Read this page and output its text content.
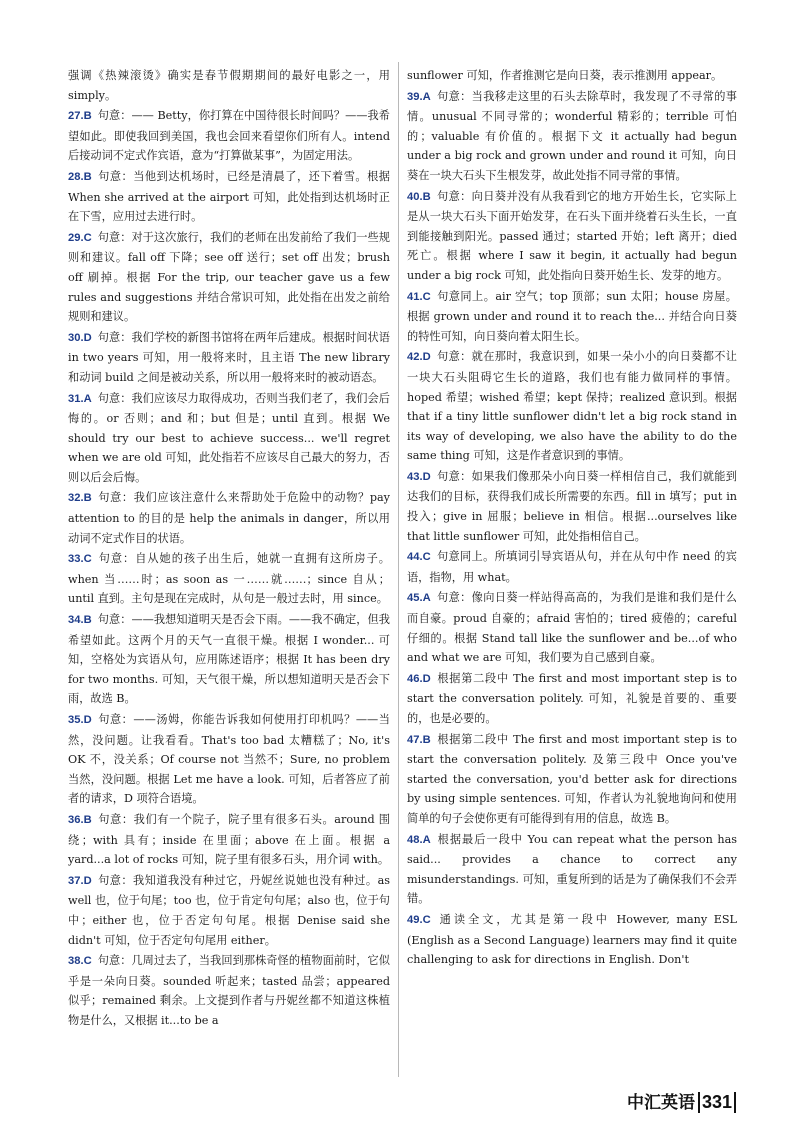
强调《热辣滚烫》确实是春节假期期间的最好电影之一，用 simply。
27.B 句意：—— Betty，你打算在中国待很长时间吗？——我希望如此。即使我回到美国，我也会回来看望你们所有人。intend 后接动词不定式作宾语，意为“打算做某事”，为固定用法。
28.B 句意：当他到达机场时，已经是清晨了，还下着雪。根据 When she arrived at the airport 可知，此处指到达机场时正在下雪，应用过去进行时。
29.C 句意：对于这次旅行，我们的老师在出发前给了我们一些规则和建议。fall off 下降；see off 送行；set off 出发；brush off 刷掉。根据 For the trip, our teacher gave us a few rules and suggestions 并结合常识可知，此处指在出发之前给规则和建议。
30.D 句意：我们学校的新图书馆将在两年后建成。根据时间状语 in two years 可知，用一般将来时，且主语 The new library 和动词 build 之间是被动关系，所以用一般将来时的被动语态。
31.A 句意：我们应该尽力取得成功，否则当我们老了，我们会后悔的。or 否则；and 和；but 但是；until 直到。根据 We should try our best to achieve success... we'll regret when we are old 可知，此处指若不应该尽自己最大的努力，否则以后会后悔。
32.B 句意：我们应该注意什么来帮助处于危险中的动物？pay attention to 的目的是 help the animals in danger，所以用动词不定式作目的状语。
33.C 句意：自从她的孩子出生后，她就一直拥有这所房子。when 当……时；as soon as 一……就……；since 自从；until 直到。主句是现在完成时，从句是一般过去时，用 since。
34.B 句意：——我想知道明天是否会下雨。——我不确定，但我希望如此。这两个月的天气一直很干燥。根据 I wonder... 可知，空格处为宾语从句，应用陈述语序；根据 It has been dry for two months. 可知，天气很干燥，所以想知道明天是否会下雨，故选 B。
35.D 句意：——汤姆，你能告诉我如何使用打印机吗？——当然，没问题。让我看看。That's too bad 太糟糕了；No, it's OK 不，没关系；Of course not 当然不；Sure, no problem 当然，没问题。根据 Let me have a look. 可知，后者答应了前者的请求，D 项符合语境。
36.B 句意：我们有一个院子，院子里有很多石头。around 围绕；with 具有；inside 在里面；above 在上面。根据 a yard...a lot of rocks 可知，院子里有很多石头，用介词 with。
37.D 句意：我知道我没有种过它，丹妮丝说她也没有种过。as well 也，位于句尾；too 也，位于肯定句句尾；also 也，位于句中；either 也，位于否定句句尾。根据 Denise said she didn't 可知，位于否定句句尾用 either。
38.C 句意：几周过去了，当我回到那株奇怪的植物面前时，它似乎是一朵向日葵。sounded 听起来；tasted 品尝；appeared 似乎；remained 剩余。上文提到作者与丹妮丝都不知道这株植物是什么，又根据 it...to be a
sunflower 可知，作者推测它是向日葵，表示推测用 appear。
39.A 句意：当我移走这里的石头去除草时，我发现了不寻常的事情。unusual 不同寻常的；wonderful 精彩的；terrible 可怕的；valuable 有价值的。根据下文 it actually had begun under a big rock and grown under and round it 可知，向日葵在一块大石头下生根发芽，故此处指不同寻常的事情。
40.B 句意：向日葵并没有从我看到它的地方开始生长，它实际上是从一块大石头下面开始发芽，在石头下面并绕着石头生长，一直到能接触到阳光。passed 通过；started 开始；left 离开；died 死亡。根据 where I saw it begin, it actually had begun under a big rock 可知，此处指向日葵开始生长、发芽的地方。
41.C 句意同上。air 空气；top 顶部；sun 太阳；house 房屋。根据 grown under and round it to reach the... 并结合向日葵的特性可知，向日葵向着太阳生长。
42.D 句意：就在那时，我意识到，如果一朵小小的向日葵都不让一块大石头阻碍它生长的道路，我们也有能力做同样的事情。hoped 希望；wished 希望；kept 保持；realized 意识到。根据 that if a tiny little sunflower didn't let a big rock stand in its way of developing, we also have the ability to do the same thing 可知，这是作者意识到的事情。
43.D 句意：如果我们像那朵小向日葵一样相信自己，我们就能到达我们的目标，获得我们成长所需要的东西。fill in 填写；put in 投入；give in 屈服；believe in 相信。根据...ourselves like that little sunflower 可知，此处指相信自己。
44.C 句意同上。所填词引导宾语从句，并在从句中作 need 的宾语，指物，用 what。
45.A 句意：像向日葵一样站得高高的，为我们是谁和我们是什么而自豪。proud 自豪的；afraid 害怕的；tired 疲倦的；careful 仔细的。根据 Stand tall like the sunflower and be...of who and what we are 可知，我们要为自己感到自豪。
46.D 根据第二段中 The first and most important step is to start the conversation politely. 可知，礼貌是首要的、重要的，也是必要的。
47.B 根据第二段中 The first and most important step is to start the conversation politely. 及第三段中 Once you've started the conversation, you'd better ask for directions by using simple sentences. 可知，作者认为礼貌地询问和使用简单的句子会使你更有可能得到有用的信息，故选 B。
48.A 根据最后一段中 You can repeat what the person has said... provides a chance to correct any misunderstandings. 可知，重复所到的话是为了确保我们不会弄错。
49.C 通读全文，尤其是第一段中 However, many ESL (English as a Second Language) learners may find it quite challenging to ask for directions in English. Don't
中汇英语 331
